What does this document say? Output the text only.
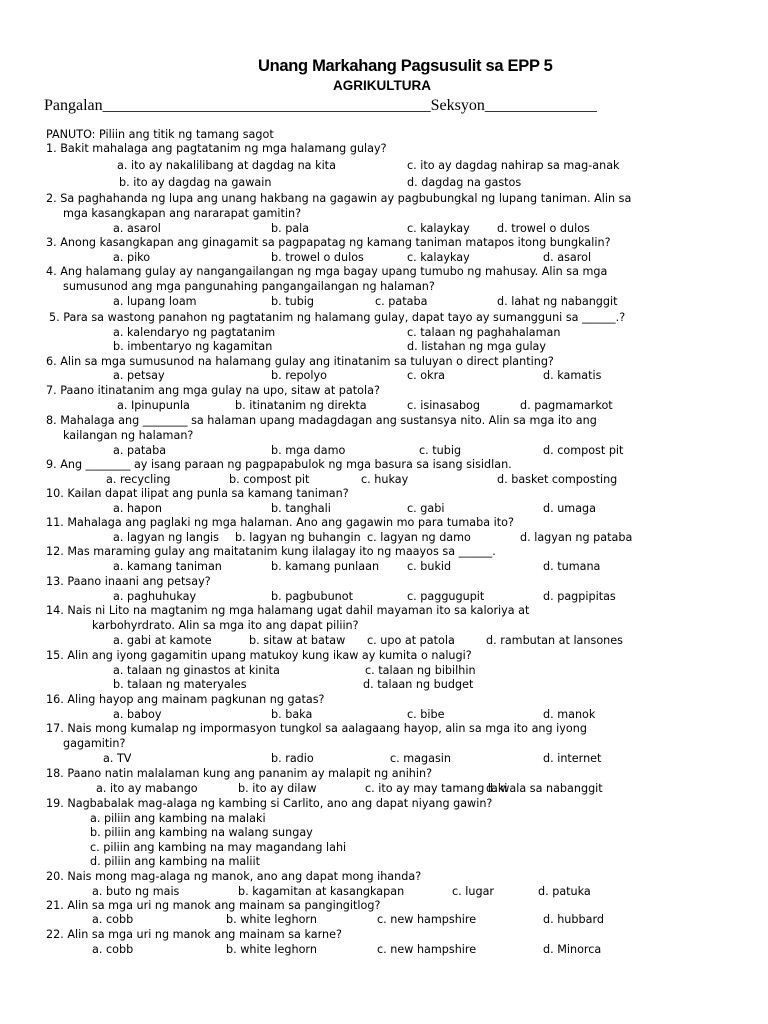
Unang Markahang Pagsusulit sa EPP 5
AGRIKULTURA
Pangalan_________________________________________Seksyon______________
PANUTO: Piliin ang titik ng tamang sagot
1. Bakit mahalaga ang pagtatanim ng mga halamang gulay?
a. ito ay nakalilibang at dagdag na kita	c. ito ay dagdag nahirap sa mag-anak
b. ito ay dagdag na gawain	d. dagdag na gastos
2. Sa paghahanda ng lupa ang unang hakbang na gagawin ay pagbubungkal ng lupang taniman. Alin sa
mga kasangkapan ang nararapat gamitin?
a. asarol	b. pala	c. kalaykay d. trowel o dulos
3. Anong kasangkapan ang ginagamit sa pagpapatag ng kamang taniman matapos itong bungkalin?
a. piko	b. trowel o dulos	c. kalaykay	d. asarol
4. Ang halamang gulay ay nangangailangan ng mga bagay upang tumubo ng mahusay. Alin sa mga
sumusunod ang mga pangunahing pangangailangan ng halaman?
a. lupang loam	b. tubig	c. pataba	d. lahat ng nabanggit
5. Para sa wastong panahon ng pagtatanim ng halamang gulay, dapat tayo ay sumangguni sa ______.?
a. kalendaryo ng pagtatanim	c. talaan ng paghahalaman
b. imbentaryo ng kagamitan	d. listahan ng mga gulay
6. Alin sa mga sumusunod na halamang gulay ang itinatanim sa tuluyan o direct planting?
a. petsay	b. repolyo	c. okra	d. kamatis
7. Paano itinatanim ang mga gulay na upo, sitaw at patola?
a. Ipinupunla	b. itinatanim ng direkta	c. isinasabog	d. pagmamarkot
8. Mahalaga ang ________ sa halaman upang madagdagan ang sustansya nito. Alin sa mga ito ang
kailangan ng halaman?
a. pataba	b. mga damo	c. tubig	d. compost pit
9. Ang ________ ay isang paraan ng pagpapabulok ng mga basura sa isang sisidlan.
a. recycling	b. compost pit	c. hukay	d. basket composting
10. Kailan dapat ilipat ang punla sa kamang taniman?
a. hapon	b. tanghali	c. gabi	d. umaga
11. Mahalaga ang paglaki ng mga halaman. Ano ang gagawin mo para tumaba ito?
a. lagyan ng langis b. lagyan ng buhangin c. lagyan ng damo	d. lagyan ng pataba
12. Mas maraming gulay ang maitatanim kung ilalagay ito ng maayos sa ______.
a. kamang taniman	b. kamang punlaan c. bukid	d. tumana
13. Paano inaani ang petsay?
a. paghuhukay	b. pagbubunot	c. paggugupit	d. pagpipitas
14. Nais ni Lito na magtanim ng mga halamang ugat dahil mayaman ito sa kaloriya at
karbohyrdrato. Alin sa mga ito ang dapat piliin?
a. gabi at kamote	b. sitaw at bataw c. upo at patola	d. rambutan at lansones
15. Alin ang iyong gagamitin upang matukoy kung ikaw ay kumita o nalugi?
a. talaan ng ginastos at kinita	c. talaan ng bibilhin
b. talaan ng materyales	d. talaan ng budget
16. Aling hayop ang mainam pagkunan ng gatas?
a. baboy	b. baka	c. bibe	d. manok
17. Nais mong kumalap ng impormasyon tungkol sa aalagaang hayop, alin sa mga ito ang iyong
gagamitin?
a. TV	b. radio	c. magasin	d. internet
18. Paano natin malalaman kung ang pananim ay malapit ng anihin?
a. ito ay mabango	b. ito ay dilaw	c. ito ay may tamang laki
d. wala sa nabanggit
19. Nagbabalak mag-alaga ng kambing si Carlito, ano ang dapat niyang gawin?
a. piliin ang kambing na malaki
b. piliin ang kambing na walang sungay
c. piliin ang kambing na may magandang lahi
d. piliin ang kambing na maliit
20. Nais mong mag-alaga ng manok, ano ang dapat mong ihanda?
a. buto ng mais	b. kagamitan at kasangkapan	c. lugar	d. patuka
21. Alin sa mga uri ng manok ang mainam sa pangingitlog?
a. cobb	b. white leghorn	c. new hampshire	d. hubbard
22. Alin sa mga uri ng manok ang mainam sa karne?
a. cobb	b. white leghorn	c. new hampshire	d. Minorca
